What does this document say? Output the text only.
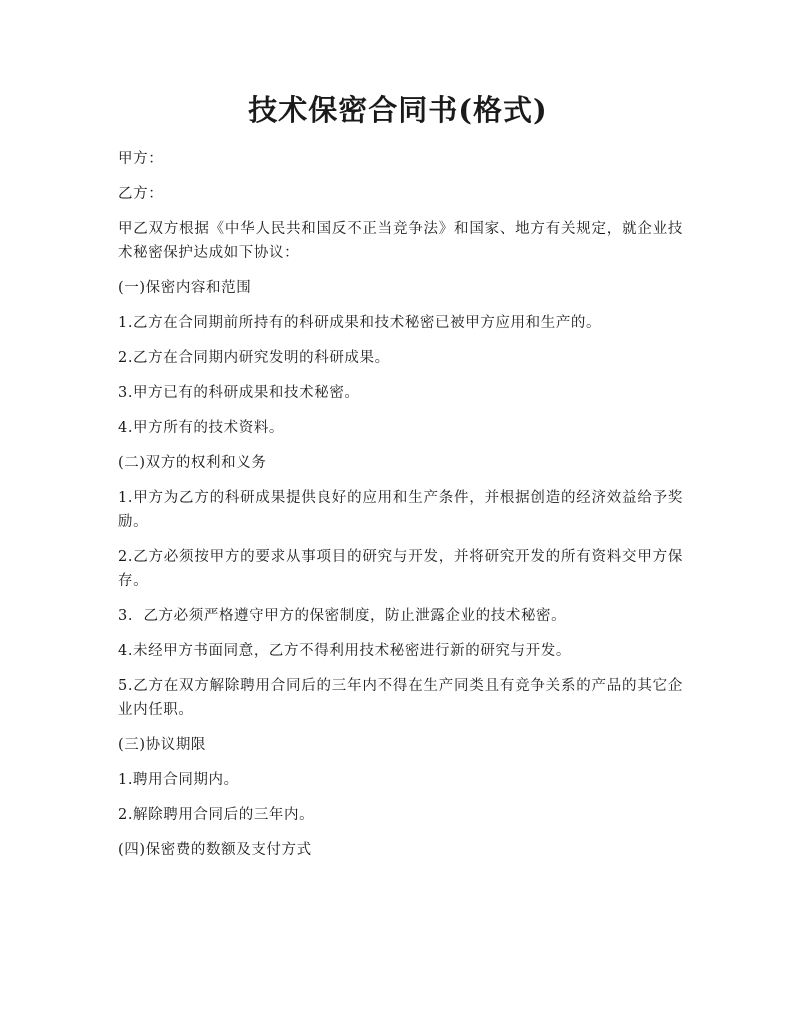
技术保密合同书(格式)

甲方：

乙方：

甲乙双方根据《中华人民共和国反不正当竞争法》和国家、地方有关规定，就企业技术秘密保护达成如下协议：

(一)保密内容和范围

1.乙方在合同期前所持有的科研成果和技术秘密已被甲方应用和生产的。

2.乙方在合同期内研究发明的科研成果。

3.甲方已有的科研成果和技术秘密。

4.甲方所有的技术资料。

(二)双方的权利和义务

1.甲方为乙方的科研成果提供良好的应用和生产条件，并根据创造的经济效益给予奖励。

2.乙方必须按甲方的要求从事项目的研究与开发，并将研究开发的所有资料交甲方保存。

3.  乙方必须严格遵守甲方的保密制度，防止泄露企业的技术秘密。

4.未经甲方书面同意，乙方不得利用技术秘密进行新的研究与开发。

5.乙方在双方解除聘用合同后的三年内不得在生产同类且有竞争关系的产品的其它企业内任职。

(三)协议期限

1.聘用合同期内。

2.解除聘用合同后的三年内。

(四)保密费的数额及支付方式
